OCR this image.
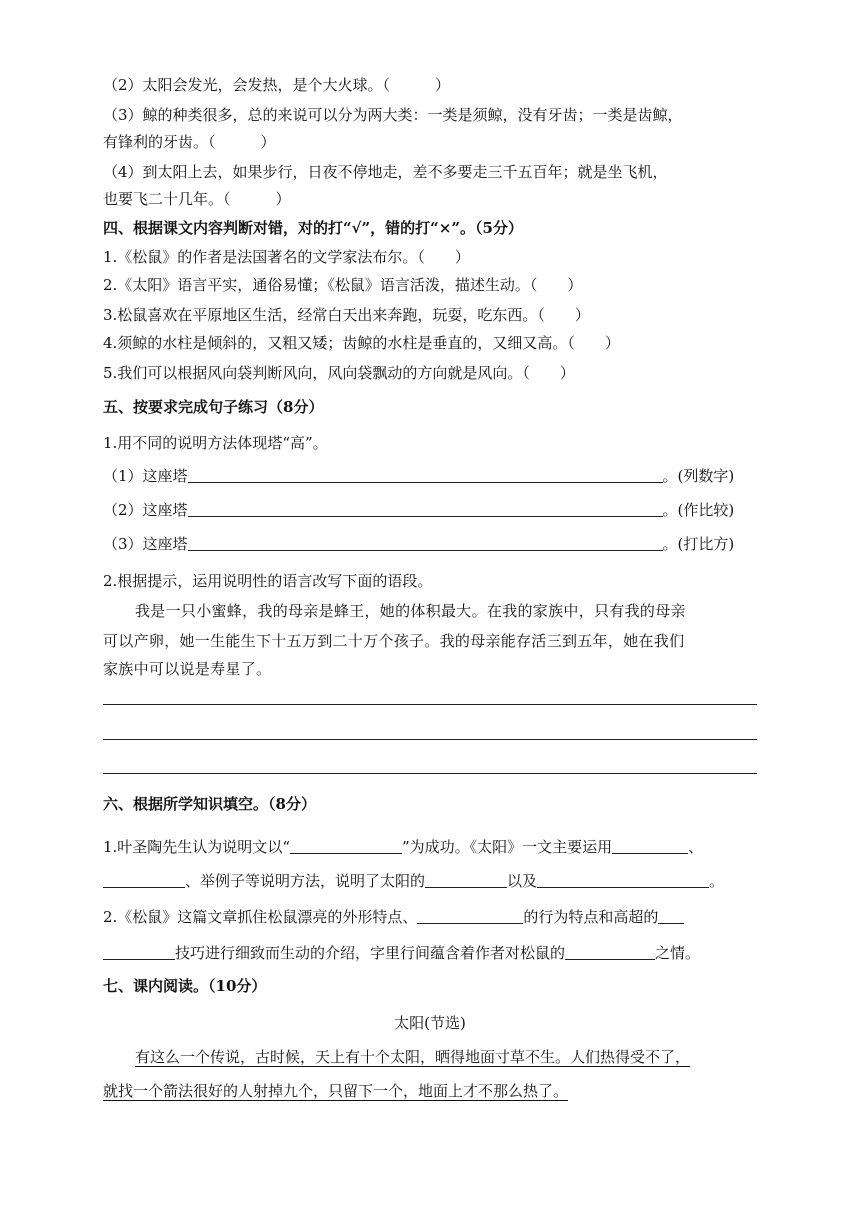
（2）太阳会发光，会发热，是个大火球。（　　　）
（3）鲸的种类很多，总的来说可以分为两大类：一类是须鲸，没有牙齿；一类是齿鲸，
有锋利的牙齿。（　　　）
（4）到太阳上去，如果步行，日夜不停地走，差不多要走三千五百年；就是坐飞机，
也要飞二十几年。（　　　）
四、根据课文内容判断对错，对的打“√”，错的打“×”。（5分）
1.《松鼠》的作者是法国著名的文学家法布尔。（　　）
2.《太阳》语言平实，通俗易懂；《松鼠》语言活泼，描述生动。（　　）
3.松鼠喜欢在平原地区生活，经常白天出来奔跑，玩耍，吃东西。（　　）
4.须鲸的水柱是倾斜的，又粗又矮；齿鲸的水柱是垂直的，又细又高。（　　）
5.我们可以根据风向袋判断风向，风向袋飘动的方向就是风向。（　　）
五、按要求完成句子练习（8分）
1.用不同的说明方法体现塔“高”。
（1）这座塔	。(列数字)
（2）这座塔	。(作比较)
（3）这座塔	。(打比方)
2.根据提示，运用说明性的语言改写下面的语段。
我是一只小蜜蜂，我的母亲是蜂王，她的体积最大。在我的家族中，只有我的母亲
可以产卵，她一生能生下十五万到二十万个孩子。我的母亲能存活三到五年，她在我们
家族中可以说是寿星了。
六、根据所学知识填空。（8分）
1.叶圣陶先生认为说明文以“	”为成功。《太阳》一文主要运用	、
、举例子等说明方法，说明了太阳的	以及	。
2.《松鼠》这篇文章抓住松鼠漂亮的外形特点、	的行为特点和高超的
技巧进行细致而生动的介绍，字里行间蕴含着作者对松鼠的	之情。
七、课内阅读。（10分）
太阳(节选)
有这么一个传说，古时候，天上有十个太阳，晒得地面寸草不生。人们热得受不了，
就找一个箭法很好的人射掉九个，只留下一个，地面上才不那么热了。
